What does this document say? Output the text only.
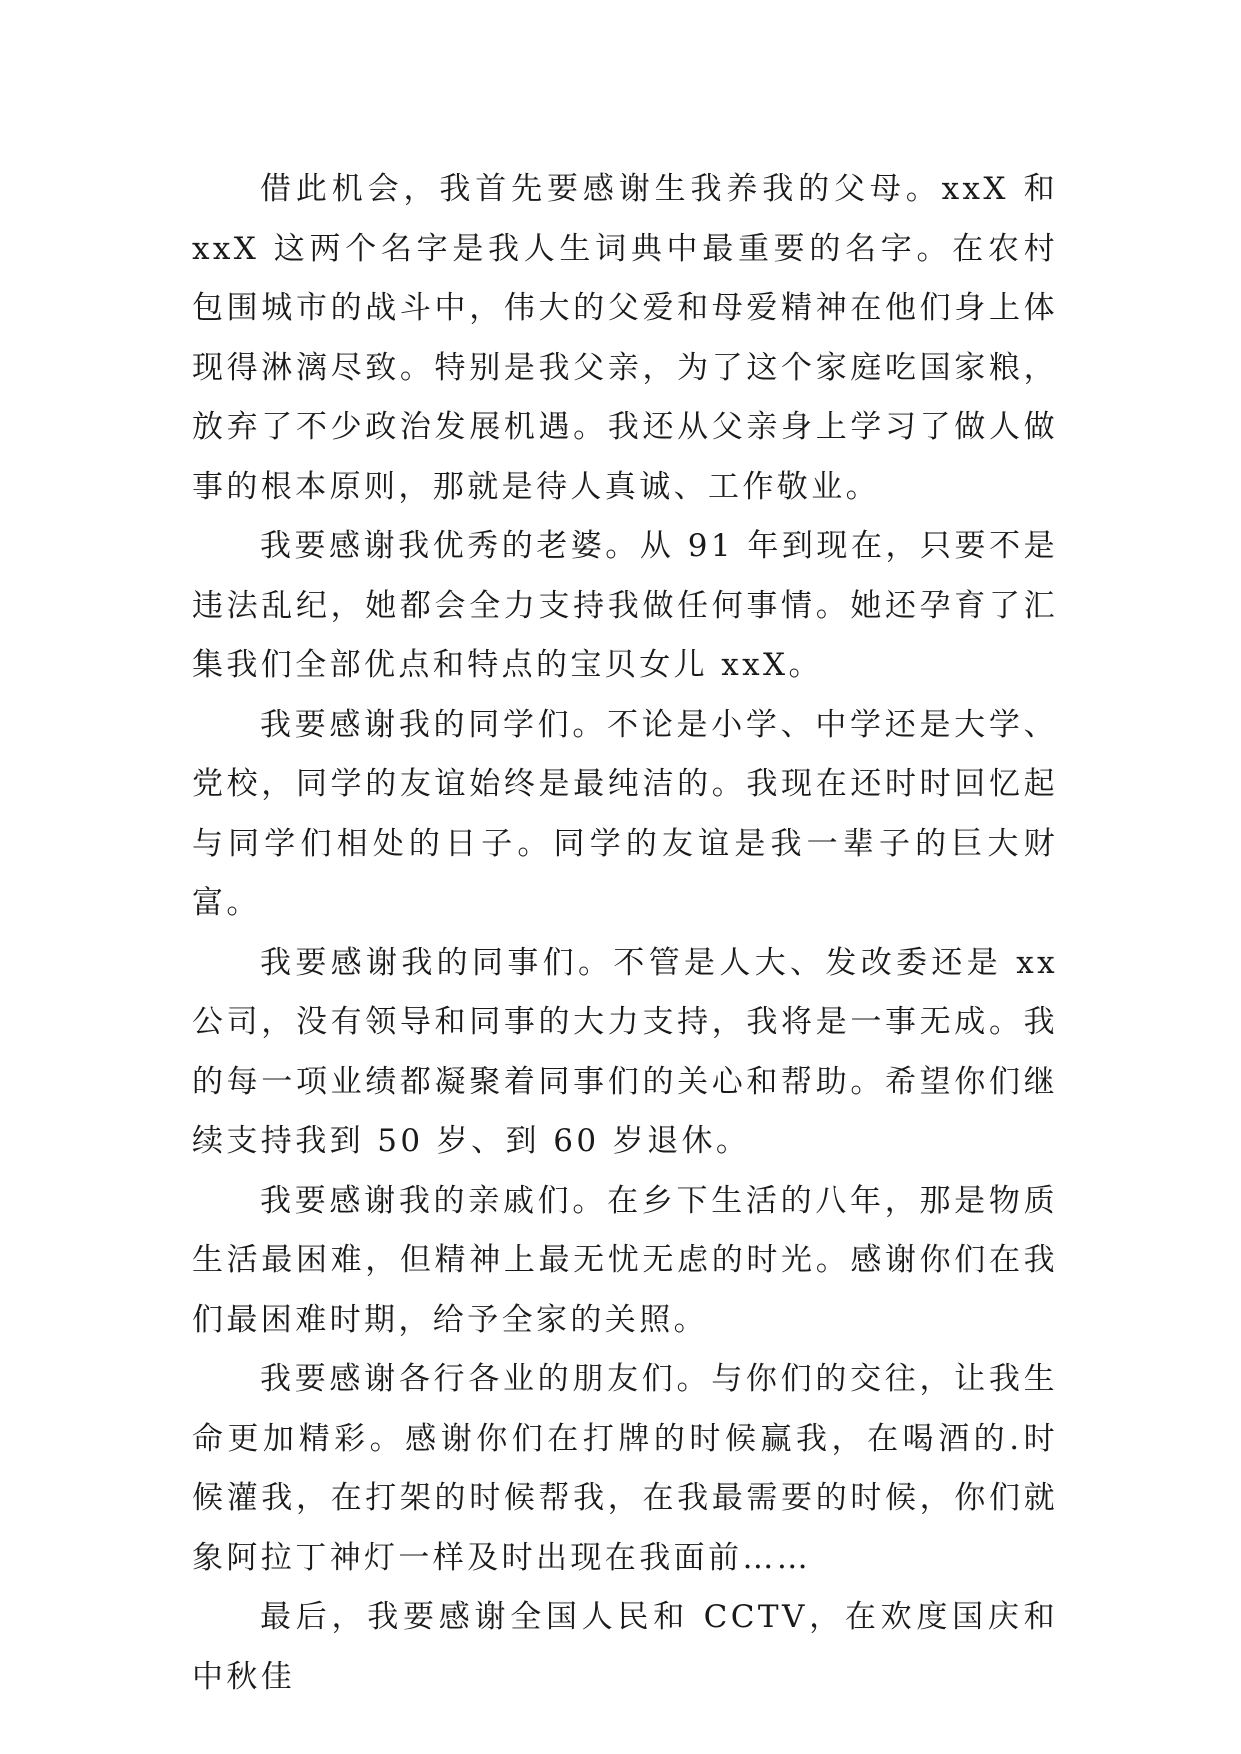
借此机会，我首先要感谢生我养我的父母。xxX 和 xxX 这两个名字是我人生词典中最重要的名字。在农村包围城市的战斗中，伟大的父爱和母爱精神在他们身上体现得淋漓尽致。特别是我父亲，为了这个家庭吃国家粮，放弃了不少政治发展机遇。我还从父亲身上学习了做人做事的根本原则，那就是待人真诚、工作敬业。

我要感谢我优秀的老婆。从 91 年到现在，只要不是违法乱纪，她都会全力支持我做任何事情。她还孕育了汇集我们全部优点和特点的宝贝女儿 xxX。

我要感谢我的同学们。不论是小学、中学还是大学、党校，同学的友谊始终是最纯洁的。我现在还时时回忆起与同学们相处的日子。同学的友谊是我一辈子的巨大财富。

我要感谢我的同事们。不管是人大、发改委还是 xx 公司，没有领导和同事的大力支持，我将是一事无成。我的每一项业绩都凝聚着同事们的关心和帮助。希望你们继续支持我到 50 岁、到 60 岁退休。

我要感谢我的亲戚们。在乡下生活的八年，那是物质生活最困难，但精神上最无忧无虑的时光。感谢你们在我们最困难时期，给予全家的关照。

我要感谢各行各业的朋友们。与你们的交往，让我生命更加精彩。感谢你们在打牌的时候赢我，在喝酒的.时候灌我，在打架的时候帮我，在我最需要的时候，你们就象阿拉丁神灯一样及时出现在我面前……

最后，我要感谢全国人民和 CCTV，在欢度国庆和中秋佳
